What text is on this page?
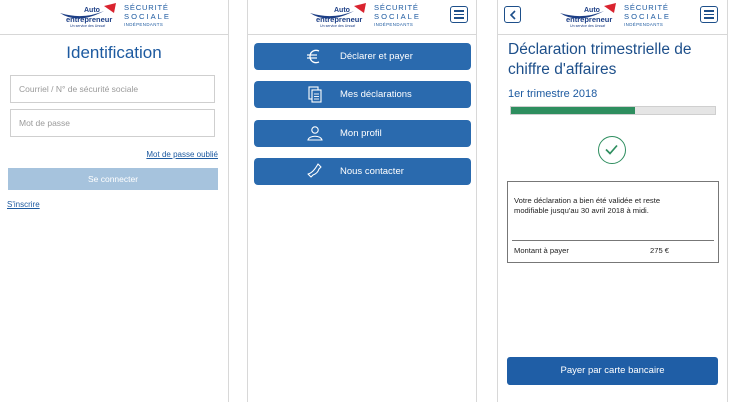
Auto
entrepreneur
Un service des Urssaf
SÉCURITÉ
SOCIALE
INDÉPENDANTS
Identification
Courriel / N° de sécurité sociale
Mot de passe oublié
Se connecter
S'inscrire
Auto
entrepreneur
Un service des Urssaf
SÉCURITÉ
SOCIALE
INDÉPENDANTS
Déclarer et payer
Mes déclarations
Mon profil
Nous contacter
Auto
entrepreneur
Un service des Urssaf
SÉCURITÉ
SOCIALE
INDÉPENDANTS
Déclaration trimestrielle de chiffre d'affaires
1er trimestre 2018
Votre déclaration a bien été validée et reste modifiable jusqu'au 30 avril 2018 à midi.
Montant à payer	275 €
Payer par carte bancaire
